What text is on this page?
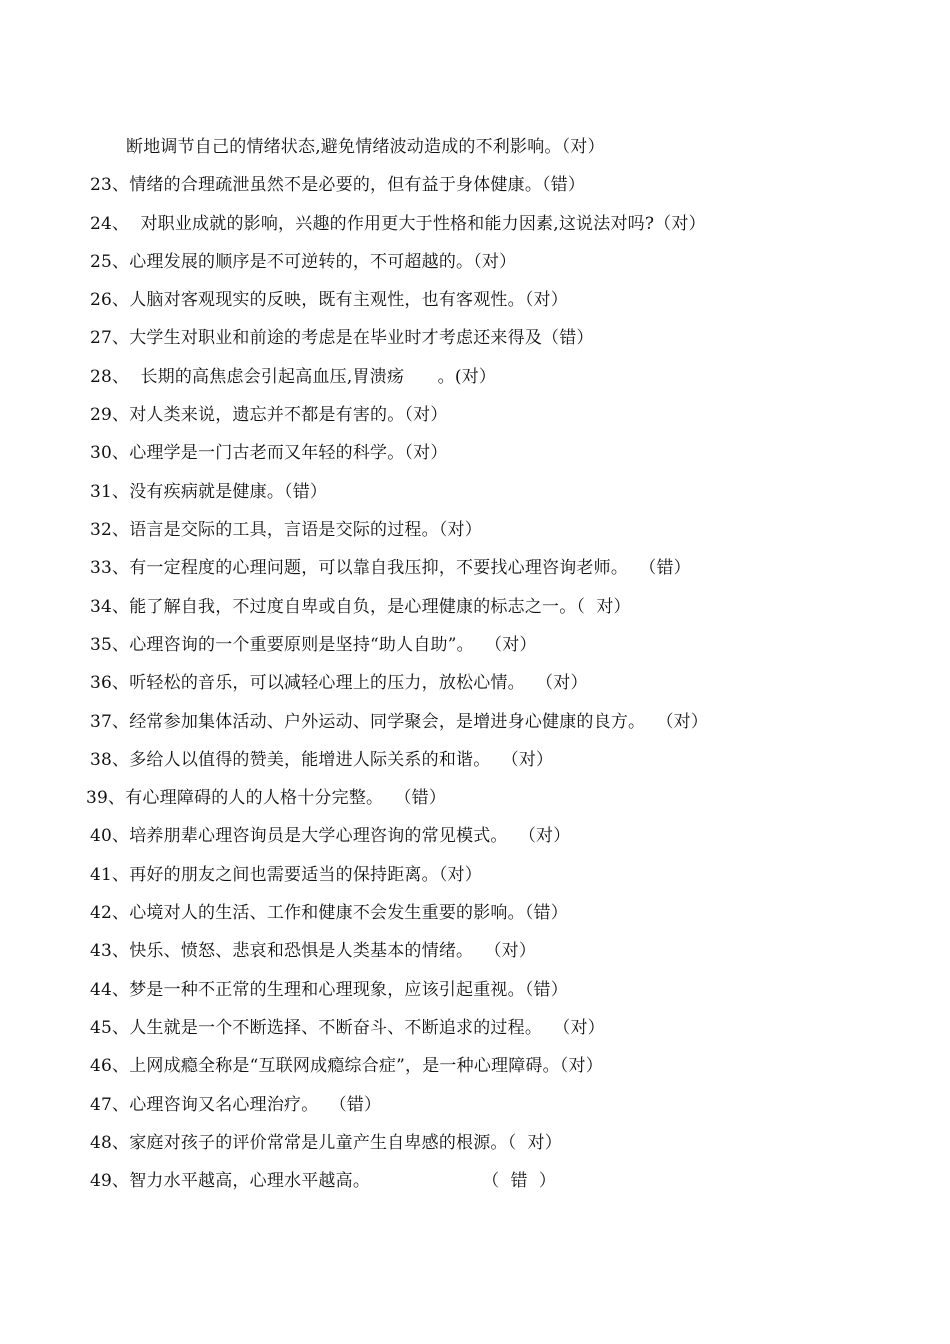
断地调节自己的情绪状态,避免情绪波动造成的不利影响。（对）
23、情绪的合理疏泄虽然不是必要的，但有益于身体健康。（错）
24、  对职业成就的影响，兴趣的作用更大于性格和能力因素,这说法对吗?（对）
25、心理发展的顺序是不可逆转的，不可超越的。（对）
26、人脑对客观现实的反映，既有主观性，也有客观性。（对）
27、大学生对职业和前途的考虑是在毕业时才考虑还来得及（错）
28、  长期的高焦虑会引起高血压,胃溃疡      。(对）
29、对人类来说，遗忘并不都是有害的。（对）
30、心理学是一门古老而又年轻的科学。（对）
31、没有疾病就是健康。（错）
32、语言是交际的工具，言语是交际的过程。（对）
33、有一定程度的心理问题，可以靠自我压抑，不要找心理咨询老师。  （错）
34、能了解自我，不过度自卑或自负，是心理健康的标志之一。（  对）
35、心理咨询的一个重要原则是坚持“助人自助”。  （对）
36、听轻松的音乐，可以减轻心理上的压力，放松心情。  （对）
37、经常参加集体活动、户外运动、同学聚会，是增进身心健康的良方。  （对）
38、多给人以值得的赞美，能增进人际关系的和谐。  （对）
39、有心理障碍的人的人格十分完整。  （错）
40、培养朋辈心理咨询员是大学心理咨询的常见模式。  （对）
41、再好的朋友之间也需要适当的保持距离。（对）
42、心境对人的生活、工作和健康不会发生重要的影响。（错）
43、快乐、愤怒、悲哀和恐惧是人类基本的情绪。  （对）
44、梦是一种不正常的生理和心理现象，应该引起重视。（错）
45、人生就是一个不断选择、不断奋斗、不断追求的过程。  （对）
46、上网成瘾全称是“互联网成瘾综合症”，是一种心理障碍。（对）
47、心理咨询又名心理治疗。  （错）
48、家庭对孩子的评价常常是儿童产生自卑感的根源。（  对）
49、智力水平越高，心理水平越高。                    （  错  ）
